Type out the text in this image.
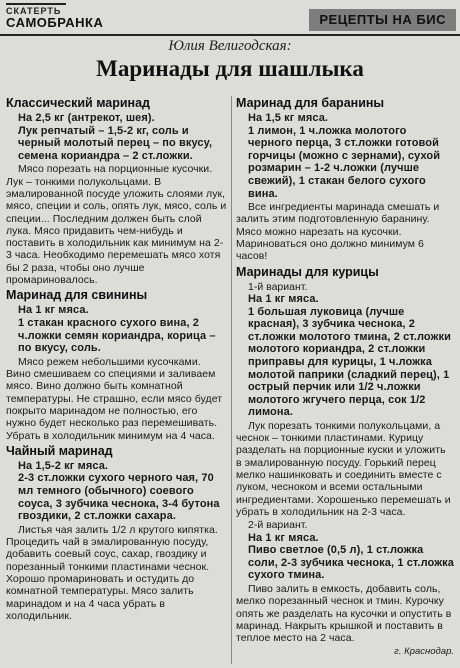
СКАТЕРТЬ
САМОБРАНКА	РЕЦЕПТЫ НА БИС
Юлия Велигодская:
Маринады для шашлыка
Классический маринад
На 2,5 кг (антрекот, шея).
Лук репчатый – 1,5-2 кг, соль и черный молотый перец – по вкусу, семена кориандра – 2 ст.ложки.
Мясо порезать на порционные кусочки. Лук – тонкими полукольцами. В эмалированной посуде уложить слоями лук, мясо, специи и соль, опять лук, мясо, соль и специи... Последним должен быть слой лука. Мясо придавить чем-нибудь и поставить в холодильник как минимум на 2-3 часа. Необходимо перемешать мясо хотя бы 2 раза, чтобы оно лучше промариновалось.
Маринад для свинины
На 1 кг мяса.
1 стакан красного сухого вина, 2 ч.ложки семян кориандра, корица – по вкусу, соль.
Мясо режем небольшими кусочками. Вино смешиваем со специями и заливаем мясо. Вино должно быть комнатной температуры. Не страшно, если мясо будет покрыто маринадом не полностью, его нужно будет несколько раз перемешивать. Убрать в холодильник минимум на 4 часа.
Чайный маринад
На 1,5-2 кг мяса.
2-3 ст.ложки сухого черного чая, 70 мл темного (обычного) соевого соуса, 3 зубчика чеснока, 3-4 бутона гвоздики, 2 ст.ложки сахара.
Листья чая залить 1/2 л крутого кипятка. Процедить чай в эмалированную посуду, добавить соевый соус, сахар, гвоздику и порезанный тонкими пластинами чеснок. Хорошо промариновать и остудить до комнатной температуры. Мясо залить маринадом и на 4 часа убрать в холодильник.
Маринад для баранины
На 1,5 кг мяса.
1 лимон, 1 ч.ложка молотого черного перца, 3 ст.ложки готовой горчицы (можно с зернами), сухой розмарин – 1-2 ч.ложки (лучше свежий), 1 стакан белого сухого вина.
Все ингредиенты маринада смешать и залить этим подготовленную баранину. Мясо можно нарезать на кусочки. Мариноваться оно должно минимум 6 часов!
Маринады для курицы
1-й вариант.
На 1 кг мяса.
1 большая луковица (лучше красная), 3 зубчика чеснока, 2 ст.ложки молотого тмина, 2 ст.ложки молотого кориандра, 2 ст.ложки приправы для курицы, 1 ч.ложка молотой паприки (сладкий перец), 1 острый перчик или 1/2 ч.ложки молотого жгучего перца, сок 1/2 лимона.
Лук порезать тонкими полукольцами, а чеснок – тонкими пластинами. Курицу разделать на порционные куски и уложить в эмалированную посуду. Горький перец мелко нашинковать и соединить вместе с луком, чесноком и всеми остальными ингредиентами. Хорошенько перемешать и убрать в холодильник на 2-3 часа.
2-й вариант.
На 1 кг мяса.
Пиво светлое (0,5 л), 1 ст.ложка соли, 2-3 зубчика чеснока, 1 ст.ложка сухого тмина.
Пиво залить в емкость, добавить соль, мелко порезанный чеснок и тмин. Курочку опять же разделать на кусочки и опустить в маринад. Накрыть крышкой и поставить в теплое место на 2 часа.
г. Краснодар.
